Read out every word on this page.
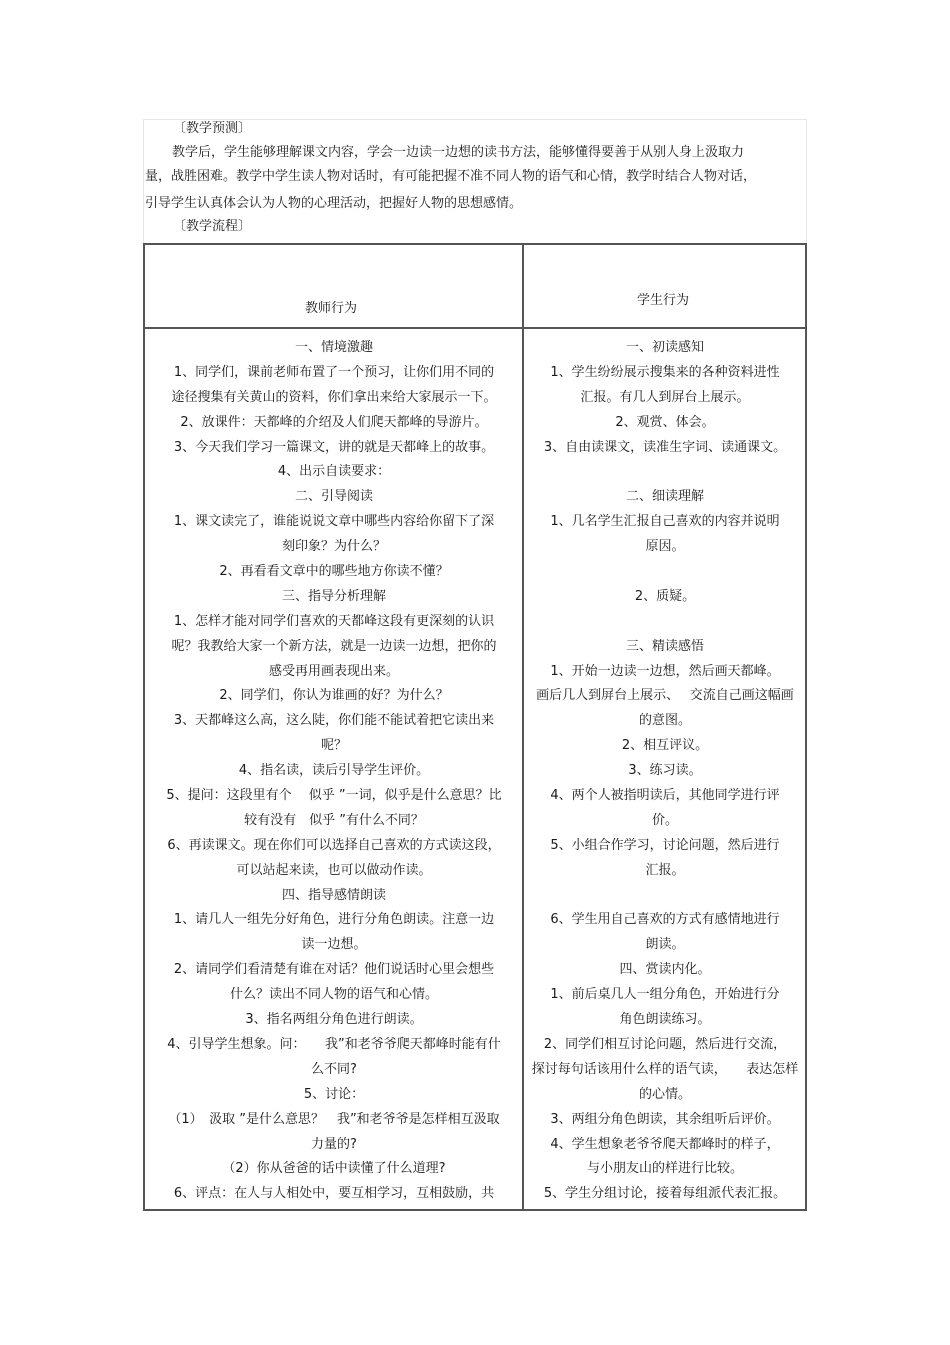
〔教学预测〕
教学后，学生能够理解课文内容，学会一边读一边想的读书方法，能够懂得要善于从别人身上汲取力
量，战胜困难。教学中学生读人物对话时，有可能把握不准不同人物的语气和心情，教学时结合人物对话，
引导学生认真体会认为人物的心理活动，把握好人物的思想感情。
〔教学流程〕
教师行为
学生行为
一、情境激趣
1、同学们，课前老师布置了一个预习，让你们用不同的
途径搜集有关黄山的资料，你们拿出来给大家展示一下。
2、放课件：天都峰的介绍及人们爬天都峰的导游片。
3、今天我们学习一篇课文，讲的就是天都峰上的故事。
4、出示自读要求：
二、引导阅读
1、课文读完了，谁能说说文章中哪些内容给你留下了深
刻印象？为什么？
2、再看看文章中的哪些地方你读不懂？
三、指导分析理解
1、怎样才能对同学们喜欢的天都峰这段有更深刻的认识
呢？我教给大家一个新方法，就是一边读一边想，把你的
感受再用画表现出来。
2、同学们，你认为谁画的好？为什么？
3、天都峰这么高，这么陡，你们能不能试着把它读出来
呢？
4、指名读，读后引导学生评价。
5、提问：这段里有个　 似乎 ”一词，似乎是什么意思？比
较有没有　似乎 ”有什么不同？
6、再读课文。现在你们可以选择自己喜欢的方式读这段，
可以站起来读，也可以做动作读。
四、指导感情朗读
1、请几人一组先分好角色，进行分角色朗读。注意一边
读一边想。
2、请同学们看清楚有谁在对话？他们说话时心里会想些
什么？读出不同人物的语气和心情。
3、指名两组分角色进行朗读。
4、引导学生想象。问：　　我”和老爷爷爬天都峰时能有什
么不同?
5、讨论：
（1）　汲取 ”是什么意思？　我”和老爷爷是怎样相互汲取
力量的?
（2）你从爸爸的话中读懂了什么道理?
6、评点：在人与人相处中，要互相学习，互相鼓励，共
一、初读感知
1、学生纷纷展示搜集来的各种资料进性
汇报。有几人到屏台上展示。
2、观赏、体会。
3、自由读课文，读准生字词、读通课文。
二、细读理解
1、几名学生汇报自己喜欢的内容并说明
原因。
2、质疑。
三、精读感悟
1、开始一边读一边想，然后画天都峰。
画后几人到屏台上展示、　 交流自己画这幅画
的意图。
2、相互评议。
3、练习读。
4、两个人被指明读后，其他同学进行评
价。
5、小组合作学习，讨论问题，然后进行
汇报。
6、学生用自己喜欢的方式有感情地进行
朗读。
四、赏读内化。
1、前后桌几人一组分角色，开始进行分
角色朗读练习。
2、同学们相互讨论问题，然后进行交流，
探讨每句话该用什么样的语气读，　　表达怎样
的心情。
3、两组分角色朗读，其余组听后评价。
4、学生想象老爷爷爬天都峰时的样子，
与小朋友山的样进行比较。
5、学生分组讨论，接着每组派代表汇报。
